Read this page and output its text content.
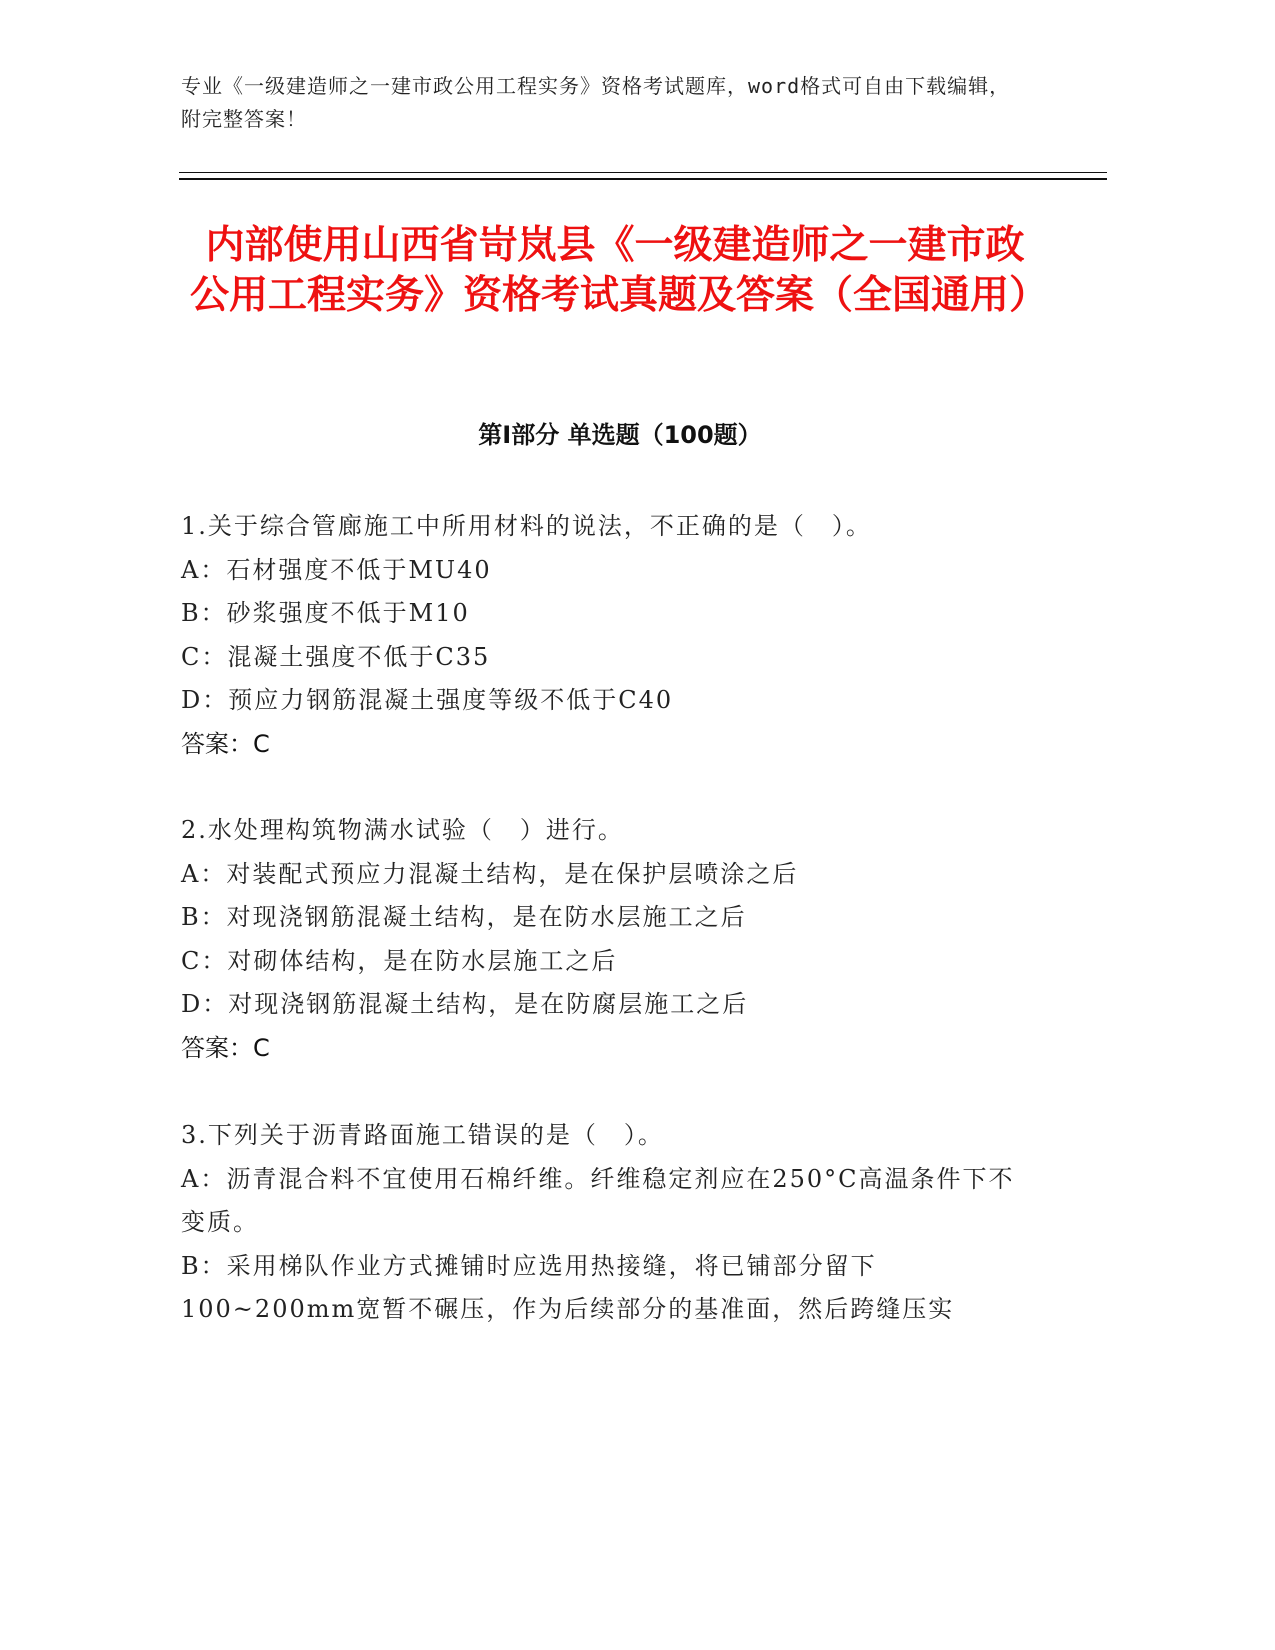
专业《一级建造师之一建市政公用工程实务》资格考试题库，word格式可自由下载编辑，附完整答案！
内部使用山西省岢岚县《一级建造师之一建市政公用工程实务》资格考试真题及答案（全国通用）
第Ⅰ部分 单选题（100题）
1.关于综合管廊施工中所用材料的说法，不正确的是（　）。
A：石材强度不低于MU40
B：砂浆强度不低于M10
C：混凝土强度不低于C35
D：预应力钢筋混凝土强度等级不低于C40
答案：C
2.水处理构筑物满水试验（　）进行。
A：对装配式预应力混凝土结构，是在保护层喷涂之后
B：对现浇钢筋混凝土结构，是在防水层施工之后
C：对砌体结构，是在防水层施工之后
D：对现浇钢筋混凝土结构，是在防腐层施工之后
答案：C
3.下列关于沥青路面施工错误的是（　）。
A：沥青混合料不宜使用石棉纤维。纤维稳定剂应在250°C高温条件下不变质。
B：采用梯队作业方式摊铺时应选用热接缝，将已铺部分留下100~200mm宽暂不碾压，作为后续部分的基准面，然后跨缝压实
